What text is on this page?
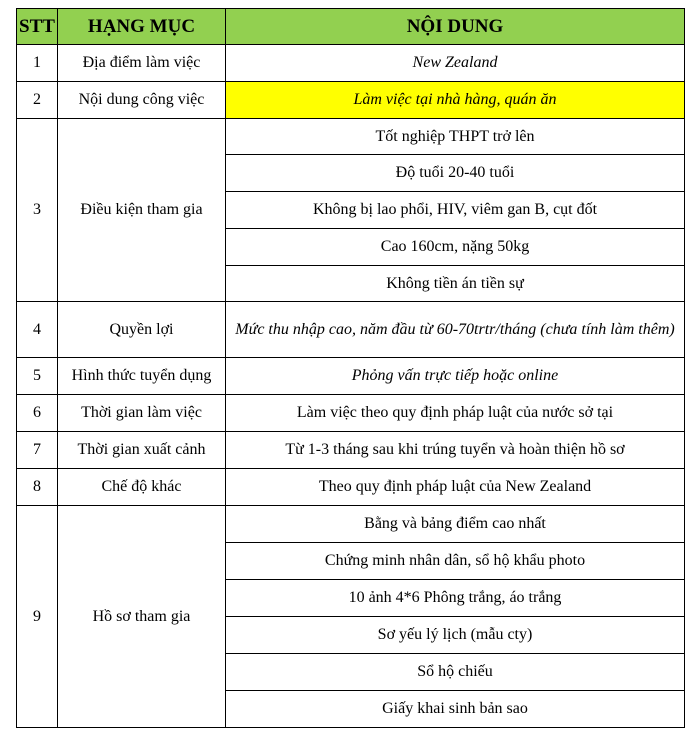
STT	HẠNG MỤC	NỘI DUNG
1	Địa điểm làm việc	New Zealand
2	Nội dung công việc	Làm việc tại nhà hàng, quán ăn
3	Điều kiện tham gia	Tốt nghiệp THPT trở lên
		Độ tuổi 20-40 tuổi
		Không bị lao phổi, HIV, viêm gan B, cụt đốt
		Cao 160cm, nặng 50kg
		Không tiền án tiền sự
4	Quyền lợi	Mức thu nhập cao, năm đầu từ 60-70trtr/tháng (chưa tính làm thêm)
5	Hình thức tuyển dụng	Phỏng vấn trực tiếp hoặc online
6	Thời gian làm việc	Làm việc theo quy định pháp luật của nước sở tại
7	Thời gian xuất cảnh	Từ 1-3 tháng sau khi trúng tuyển và hoàn thiện hồ sơ
8	Chế độ khác	Theo quy định pháp luật của New Zealand
9	Hồ sơ tham gia	Bằng và bảng điểm cao nhất
		Chứng minh nhân dân, sổ hộ khẩu photo
		10 ảnh 4*6 Phông trắng, áo trắng
		Sơ yếu lý lịch (mẫu cty)
		Sổ hộ chiếu
		Giấy khai sinh bản sao
